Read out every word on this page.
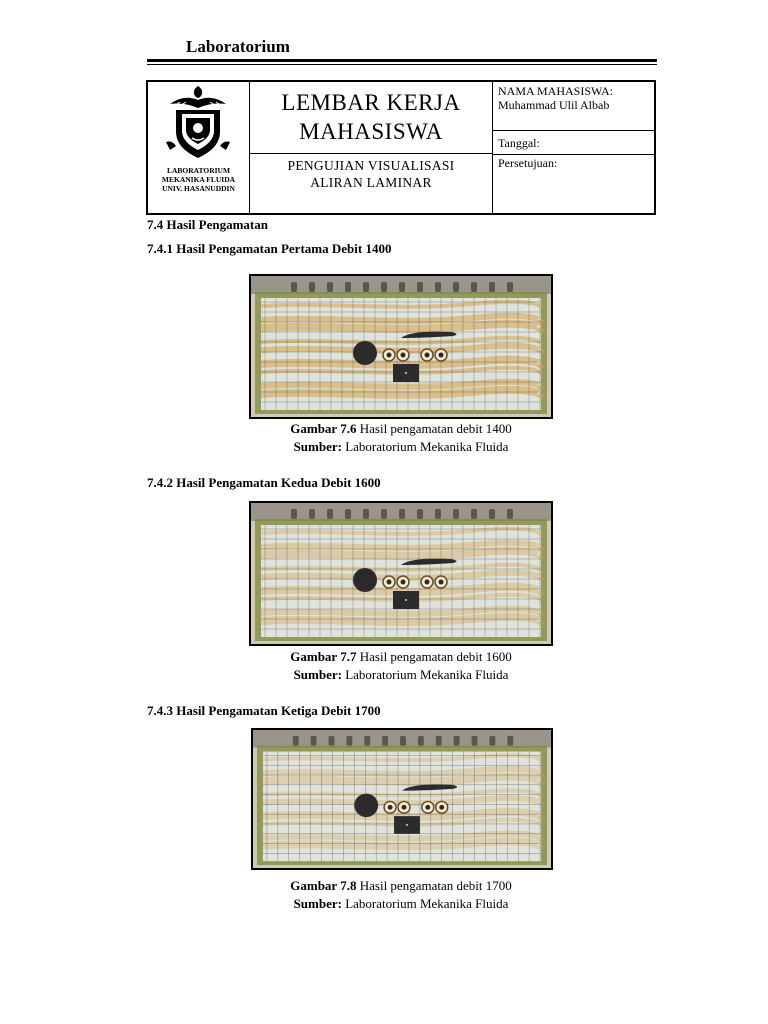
Laboratorium
LABORATORIUM
MEKANIKA FLUIDA
UNIV. HASANUDDIN
LEMBAR KERJA
MAHASISWA
PENGUJIAN VISUALISASI
ALIRAN LAMINAR
NAMA MAHASISWA:
Muhammad Ulil Albab
Tanggal:
Persetujuan:
7.4 Hasil Pengamatan
7.4.1 Hasil Pengamatan Pertama Debit 1400
Gambar 7.6 Hasil pengamatan debit 1400
Sumber: Laboratorium Mekanika Fluida
7.4.2 Hasil Pengamatan Kedua Debit 1600
Gambar 7.7 Hasil pengamatan debit 1600
Sumber: Laboratorium Mekanika Fluida
7.4.3 Hasil Pengamatan Ketiga Debit 1700
Gambar 7.8 Hasil pengamatan debit 1700
Sumber: Laboratorium Mekanika Fluida
